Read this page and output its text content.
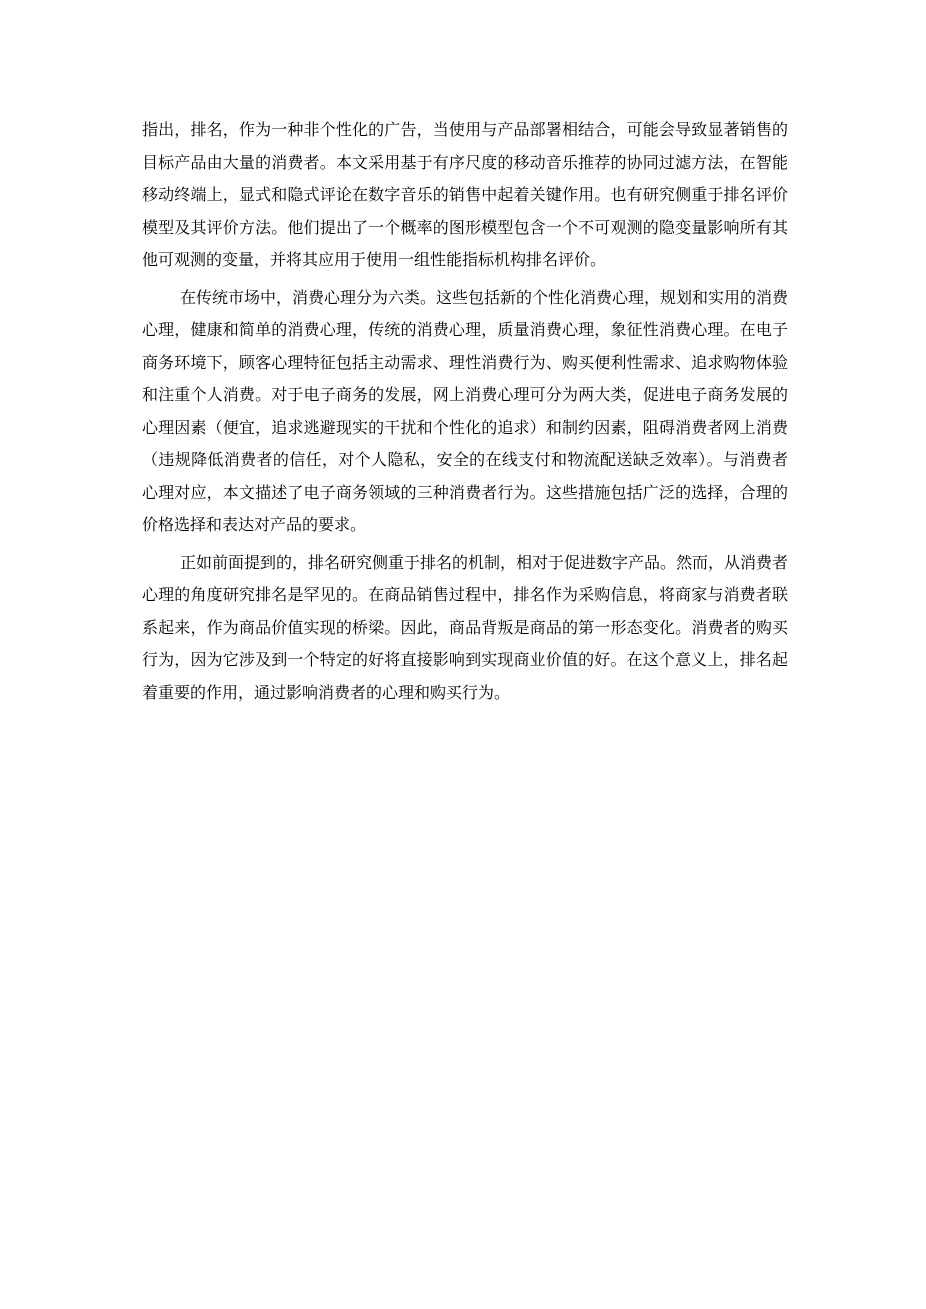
指出，排名，作为一种非个性化的广告，当使用与产品部署相结合，可能会导致显著销售的目标产品由大量的消费者。本文采用基于有序尺度的移动音乐推荐的协同过滤方法，在智能移动终端上，显式和隐式评论在数字音乐的销售中起着关键作用。也有研究侧重于排名评价模型及其评价方法。他们提出了一个概率的图形模型包含一个不可观测的隐变量影响所有其他可观测的变量，并将其应用于使用一组性能指标机构排名评价。

在传统市场中，消费心理分为六类。这些包括新的个性化消费心理，规划和实用的消费心理，健康和简单的消费心理，传统的消费心理，质量消费心理，象征性消费心理。在电子商务环境下，顾客心理特征包括主动需求、理性消费行为、购买便利性需求、追求购物体验和注重个人消费。对于电子商务的发展，网上消费心理可分为两大类，促进电子商务发展的心理因素（便宜，追求逃避现实的干扰和个性化的追求）和制约因素，阻碍消费者网上消费（违规降低消费者的信任，对个人隐私，安全的在线支付和物流配送缺乏效率）。与消费者心理对应，本文描述了电子商务领域的三种消费者行为。这些措施包括广泛的选择，合理的价格选择和表达对产品的要求。

正如前面提到的，排名研究侧重于排名的机制，相对于促进数字产品。然而，从消费者心理的角度研究排名是罕见的。在商品销售过程中，排名作为采购信息，将商家与消费者联系起来，作为商品价值实现的桥梁。因此，商品背叛是商品的第一形态变化。消费者的购买行为，因为它涉及到一个特定的好将直接影响到实现商业价值的好。在这个意义上，排名起着重要的作用，通过影响消费者的心理和购买行为。
